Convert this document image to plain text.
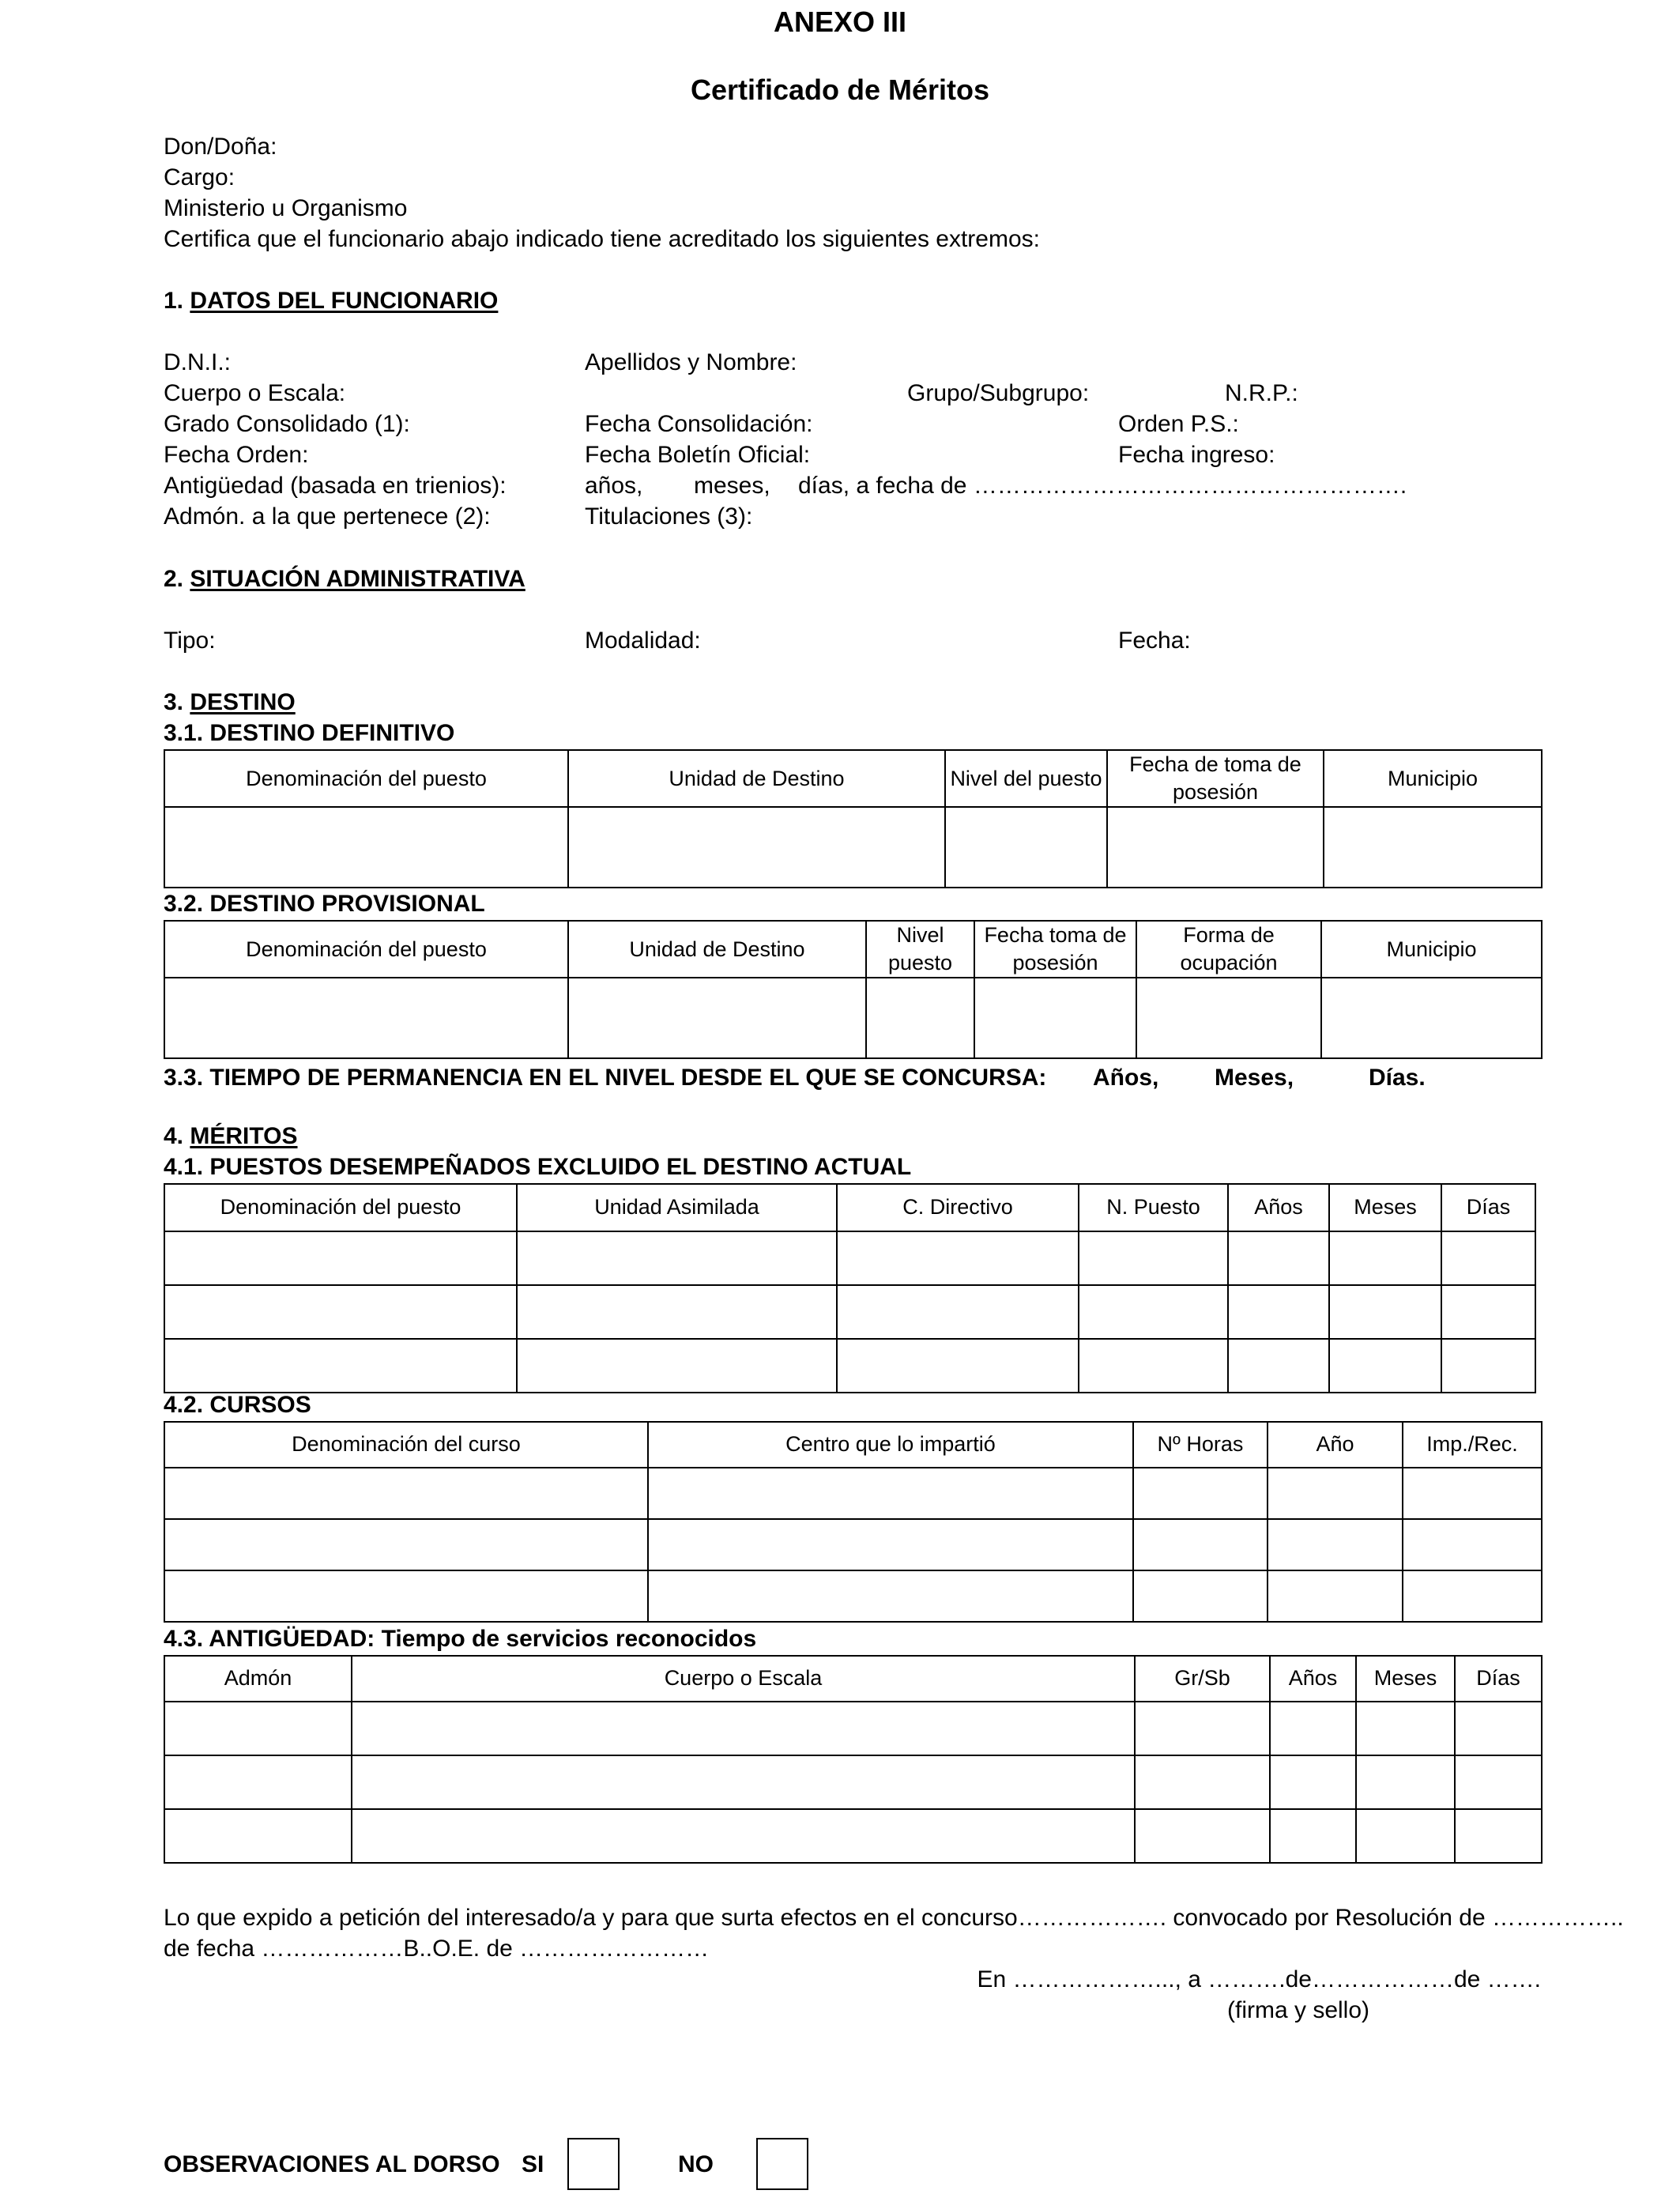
ANEXO III
Certificado de Méritos
Don/Doña:
Cargo:
Ministerio u Organismo
Certifica que el funcionario abajo indicado tiene acreditado los siguientes extremos:
1. DATOS DEL FUNCIONARIO
D.N.I.:	Apellidos y Nombre:
Cuerpo o Escala:	Grupo/Subgrupo:	N.R.P.:
Grado Consolidado (1):	Fecha Consolidación:	Orden P.S.:
Fecha Orden:	Fecha Boletín Oficial:	Fecha ingreso:
Antigüedad (basada en trienios):	años, meses, días, a fecha de ……………………………………………….
Admón. a la que pertenece (2):	Titulaciones (3):
2. SITUACIÓN ADMINISTRATIVA
Tipo:	Modalidad:	Fecha:
3. DESTINO
3.1. DESTINO DEFINITIVO
Denominación del puesto	Unidad de Destino	Nivel del puesto	Fecha de toma de posesión	Municipio

3.2. DESTINO PROVISIONAL
Denominación del puesto	Unidad de Destino	Nivel puesto	Fecha toma de posesión	Forma de ocupación	Municipio

3.3. TIEMPO DE PERMANENCIA EN EL NIVEL DESDE EL QUE SE CONCURSA: Años, Meses,	Días.
4. MÉRITOS
4.1. PUESTOS DESEMPEÑADOS EXCLUIDO EL DESTINO ACTUAL
Denominación del puesto	Unidad Asimilada	C. Directivo	N. Puesto	Años	Meses	Días

4.2. CURSOS
Denominación del curso	Centro que lo impartió	Nº Horas	Año	Imp./Rec.

4.3. ANTIGÜEDAD: Tiempo de servicios reconocidos
Admón	Cuerpo o Escala	Gr/Sb	Años	Meses	Días

Lo que expido a petición del interesado/a y para que surta efectos en el concurso………………. convocado por Resolución de ……………..
de fecha ………………B..O.E. de ……………………
En ………………..., a ……….de………………de …….
(firma y sello)
OBSERVACIONES AL DORSO SI	NO
